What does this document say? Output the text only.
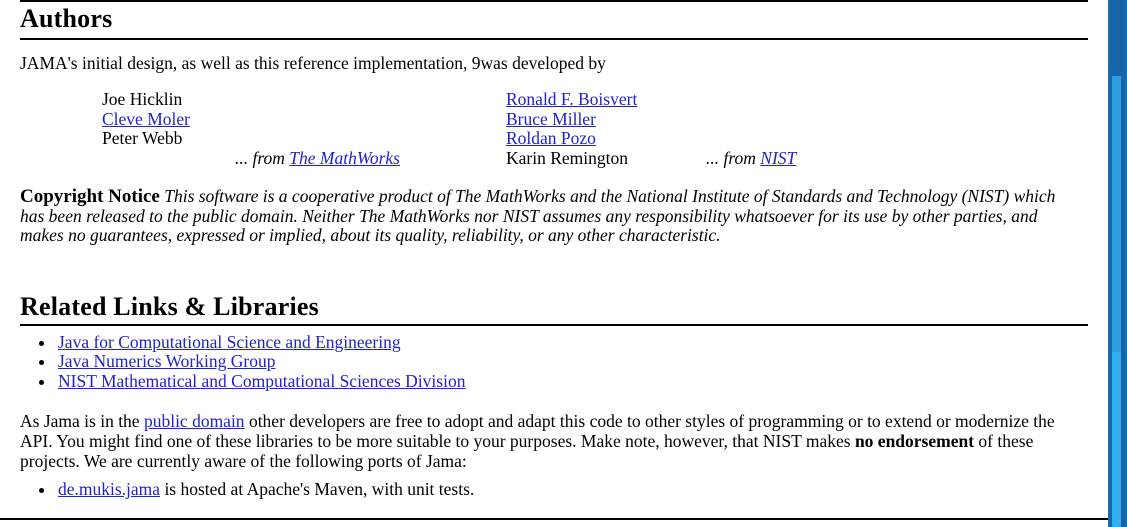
Authors
JAMA's initial design, as well as this reference implementation, 9was developed by
Joe Hicklin
Cleve Moler
Peter Webb
Ronald F. Boisvert
Bruce Miller
Roldan Pozo
Karin Remington
... from The MathWorks	... from NIST
Copyright Notice This software is a cooperative product of The MathWorks and the National Institute of Standards and Technology (NIST) which has been released to the public domain. Neither The MathWorks nor NIST assumes any responsibility whatsoever for its use by other parties, and makes no guarantees, expressed or implied, about its quality, reliability, or any other characteristic.
Related Links & Libraries
• Java for Computational Science and Engineering
• Java Numerics Working Group
• NIST Mathematical and Computational Sciences Division
As Jama is in the public domain other developers are free to adopt and adapt this code to other styles of programming or to extend or modernize the API. You might find one of these libraries to be more suitable to your purposes. Make note, however, that NIST makes no endorsement of these projects. We are currently aware of the following ports of Jama:
• de.mukis.jama is hosted at Apache's Maven, with unit tests.
